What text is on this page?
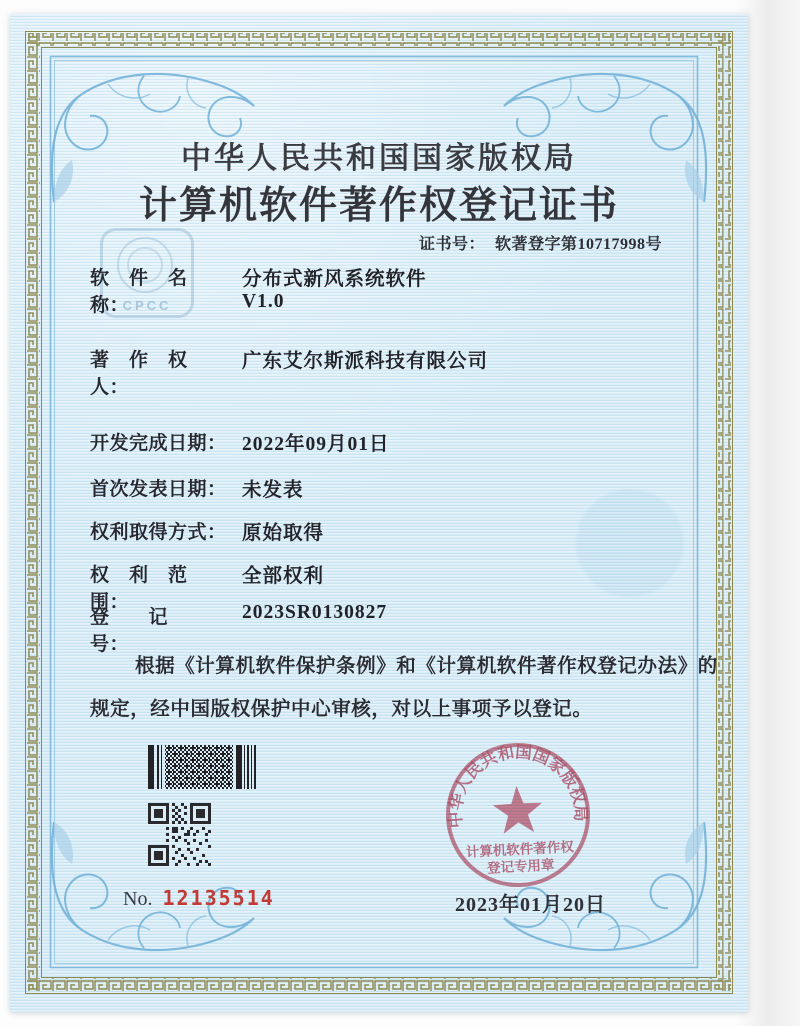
CPCC
中华人民共和国国家版权局
计算机软件著作权登记证书
证书号： 软著登字第10717998号
软　件　名　称：
分布式新风系统软件
V1.0
著　作　权　人：
广东艾尔斯派科技有限公司
开发完成日期： 2022年09月01日
首次发表日期： 未发表
权利取得方式： 原始取得
权　利　范　围：
全部权利
登　　记　　号：
2023SR0130827
根据《计算机软件保护条例》和《计算机软件著作权登记办法》的
规定，经中国版权保护中心审核，对以上事项予以登记。
No. 12135514
中华人民共和国国家版权局
计算机软件著作权
登记专用章
2023年01月20日
